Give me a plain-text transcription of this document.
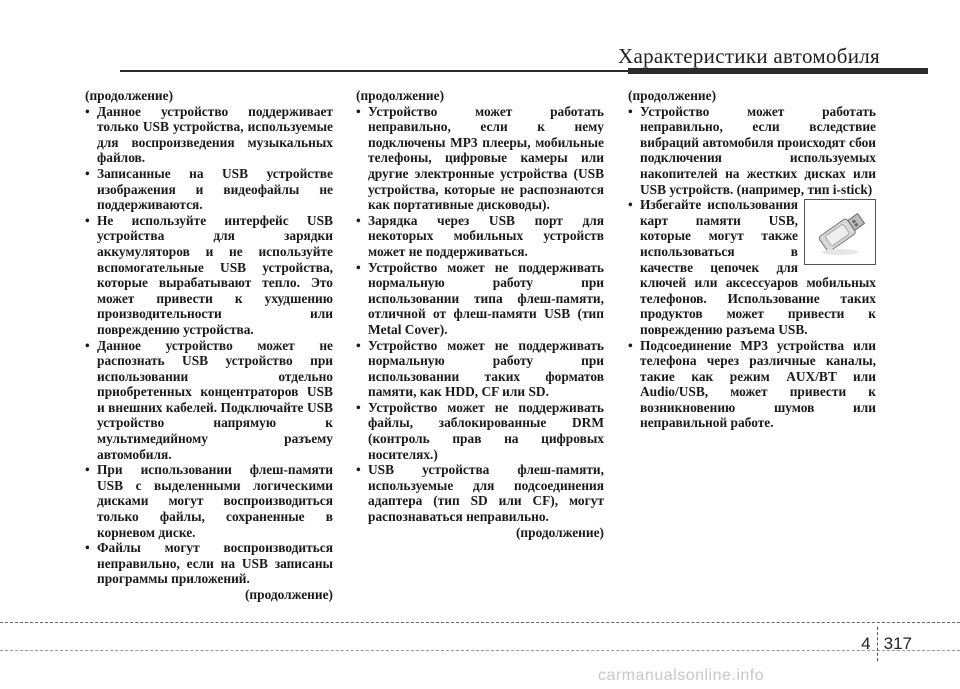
Характеристики автомобиля

(продолжение)

• Данное устройство поддерживает только USB устройства, используемые для воспроизведения музыкальных файлов.
• Записанные на USB устройстве изображения и видеофайлы не поддерживаются.
• Не используйте интерфейс USB устройства для зарядки аккумуляторов и не используйте вспомогательные USB устройства, которые вырабатывают тепло. Это может привести к ухудшению производительности или повреждению устройства.
• Данное устройство может не распознать USB устройство при использовании отдельно приобретенных концентраторов USB и внешних кабелей. Подключайте USB устройство напрямую к мультимедийному разъему автомобиля.
• При использовании флеш-памяти USB с выделенными логическими дисками могут воспроизводиться только файлы, сохраненные в корневом диске.
• Файлы могут воспроизводиться неправильно, если на USB записаны программы приложений.

(продолжение)

(продолжение)

• Устройство может работать неправильно, если к нему подключены MP3 плееры, мобильные телефоны, цифровые камеры или другие электронные устройства (USB устройства, которые не распознаются как портативные дисководы).
• Зарядка через USB порт для некоторых мобильных устройств может не поддерживаться.
• Устройство может не поддерживать нормальную работу при использовании типа флеш-памяти, отличной от флеш-памяти USB (тип Metal Cover).
• Устройство может не поддерживать нормальную работу при использовании таких форматов памяти, как HDD, CF или SD.
• Устройство может не поддерживать файлы, заблокированные DRM (контроль прав на цифровых носителях.)
• USB устройства флеш-памяти, используемые для подсоединения адаптера (тип SD или CF), могут распознаваться неправильно.

(продолжение)

(продолжение)

• Устройство может работать неправильно, если вследствие вибраций автомобиля происходят сбои подключения используемых накопителей на жестких дисках или USB устройств. (например, тип i-stick)
• Избегайте использования карт памяти USB, которые могут также использоваться в качестве цепочек для ключей или аксессуаров мобильных телефонов. Использование таких продуктов может привести к повреждению разъема USB.
• Подсоединение MP3 устройства или телефона через различные каналы, такие как режим AUX/BT или Audio/USB, может привести к возникновению шумов или неправильной работе.
4 317
carmanualsonline.info
